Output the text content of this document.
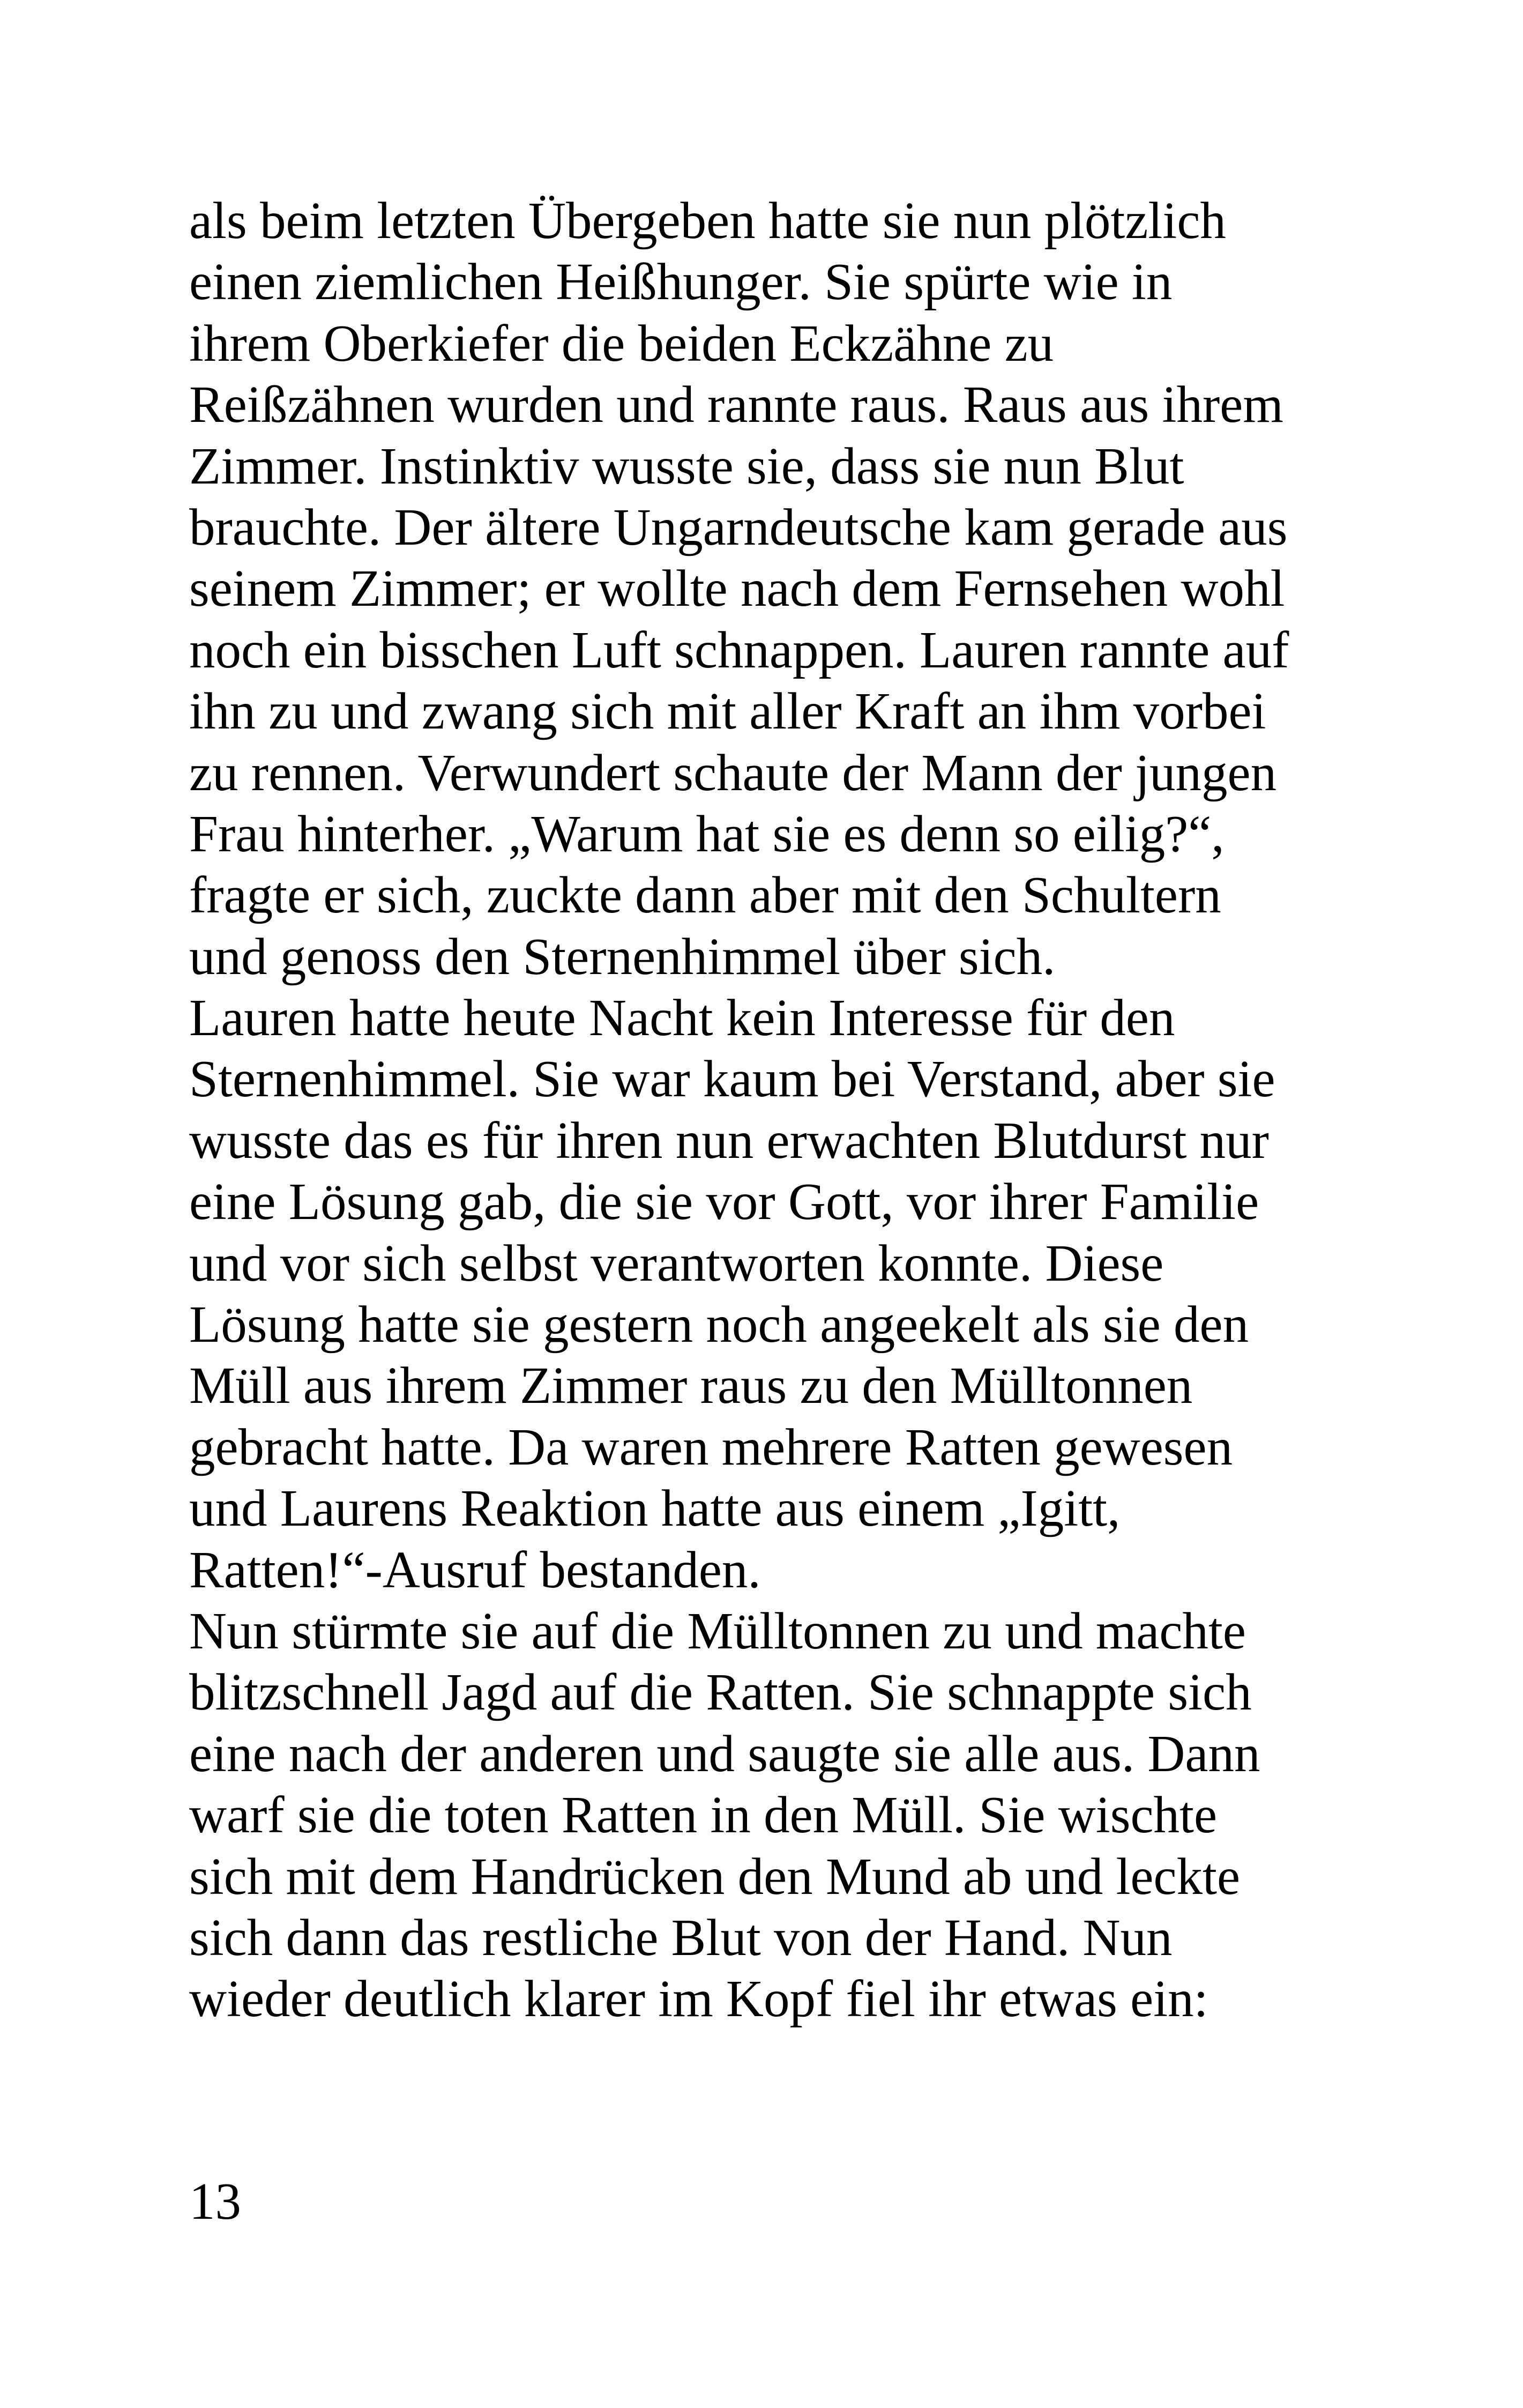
als beim letzten Übergeben hatte sie nun plötzlich
einen ziemlichen Heißhunger. Sie spürte wie in
ihrem Oberkiefer die beiden Eckzähne zu
Reißzähnen wurden und rannte raus. Raus aus ihrem
Zimmer. Instinktiv wusste sie, dass sie nun Blut
brauchte. Der ältere Ungarndeutsche kam gerade aus
seinem Zimmer; er wollte nach dem Fernsehen wohl
noch ein bisschen Luft schnappen. Lauren rannte auf
ihn zu und zwang sich mit aller Kraft an ihm vorbei
zu rennen. Verwundert schaute der Mann der jungen
Frau hinterher. „Warum hat sie es denn so eilig?“,
fragte er sich, zuckte dann aber mit den Schultern
und genoss den Sternenhimmel über sich.
Lauren hatte heute Nacht kein Interesse für den
Sternenhimmel. Sie war kaum bei Verstand, aber sie
wusste das es für ihren nun erwachten Blutdurst nur
eine Lösung gab, die sie vor Gott, vor ihrer Familie
und vor sich selbst verantworten konnte. Diese
Lösung hatte sie gestern noch angeekelt als sie den
Müll aus ihrem Zimmer raus zu den Mülltonnen
gebracht hatte. Da waren mehrere Ratten gewesen
und Laurens Reaktion hatte aus einem „Igitt,
Ratten!“-Ausruf bestanden.
Nun stürmte sie auf die Mülltonnen zu und machte
blitzschnell Jagd auf die Ratten. Sie schnappte sich
eine nach der anderen und saugte sie alle aus. Dann
warf sie die toten Ratten in den Müll. Sie wischte
sich mit dem Handrücken den Mund ab und leckte
sich dann das restliche Blut von der Hand. Nun
wieder deutlich klarer im Kopf fiel ihr etwas ein:
13
